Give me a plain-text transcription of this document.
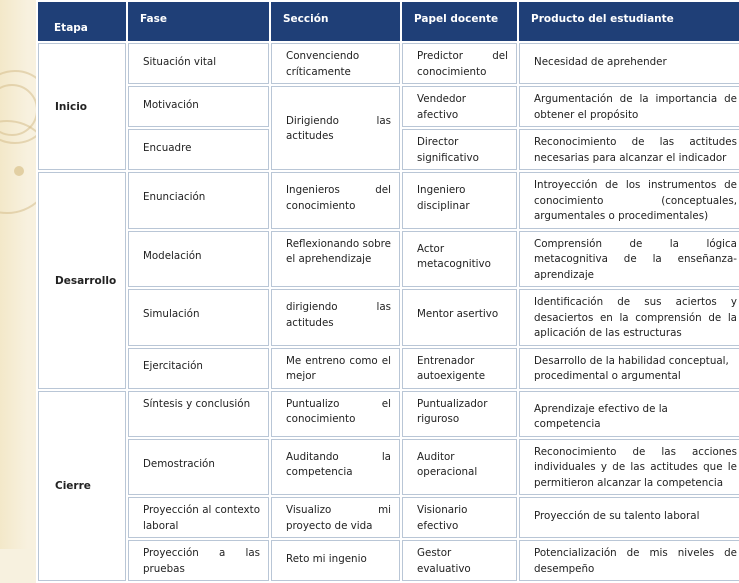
Etapa	Fase	Sección	Papel docente	Producto del estudiante
Inicio	Situación vital	Convenciendo críticamente	Predictor del conocimiento	Necesidad de aprehender
	Motivación	Dirigiendo las actitudes	Vendedor afectivo	Argumentación de la importancia de obtener el propósito
	Encuadre		Director significativo	Reconocimiento de las actitudes necesarias para alcanzar el indicador
Desarrollo	Enunciación	Ingenieros del conocimiento	Ingeniero disciplinar	Introyección de los instrumentos de conocimiento (conceptuales, argumentales o procedimentales)
	Modelación	Reflexionando sobre el aprehendizaje	Actor metacognitivo	Comprensión de la lógica metacognitiva de la enseñanza-aprendizaje
	Simulación	dirigiendo las actitudes	Mentor asertivo	Identificación de sus aciertos y desaciertos en la comprensión de la aplicación de las estructuras
	Ejercitación	Me entreno como el mejor	Entrenador autoexigente	Desarrollo de la habilidad conceptual, procedimental o argumental
Cierre	Síntesis y conclusión	Puntualizo el conocimiento	Puntualizador riguroso	Aprendizaje efectivo de la competencia
	Demostración	Auditando la competencia	Auditor operacional	Reconocimiento de las acciones individuales y de las actitudes que le permitieron alcanzar la competencia
	Proyección al contexto laboral	Visualizo mi proyecto de vida	Visionario efectivo	Proyección de su talento laboral
	Proyección a las pruebas	Reto mi ingenio	Gestor evaluativo	Potencialización de mis niveles de desempeño
